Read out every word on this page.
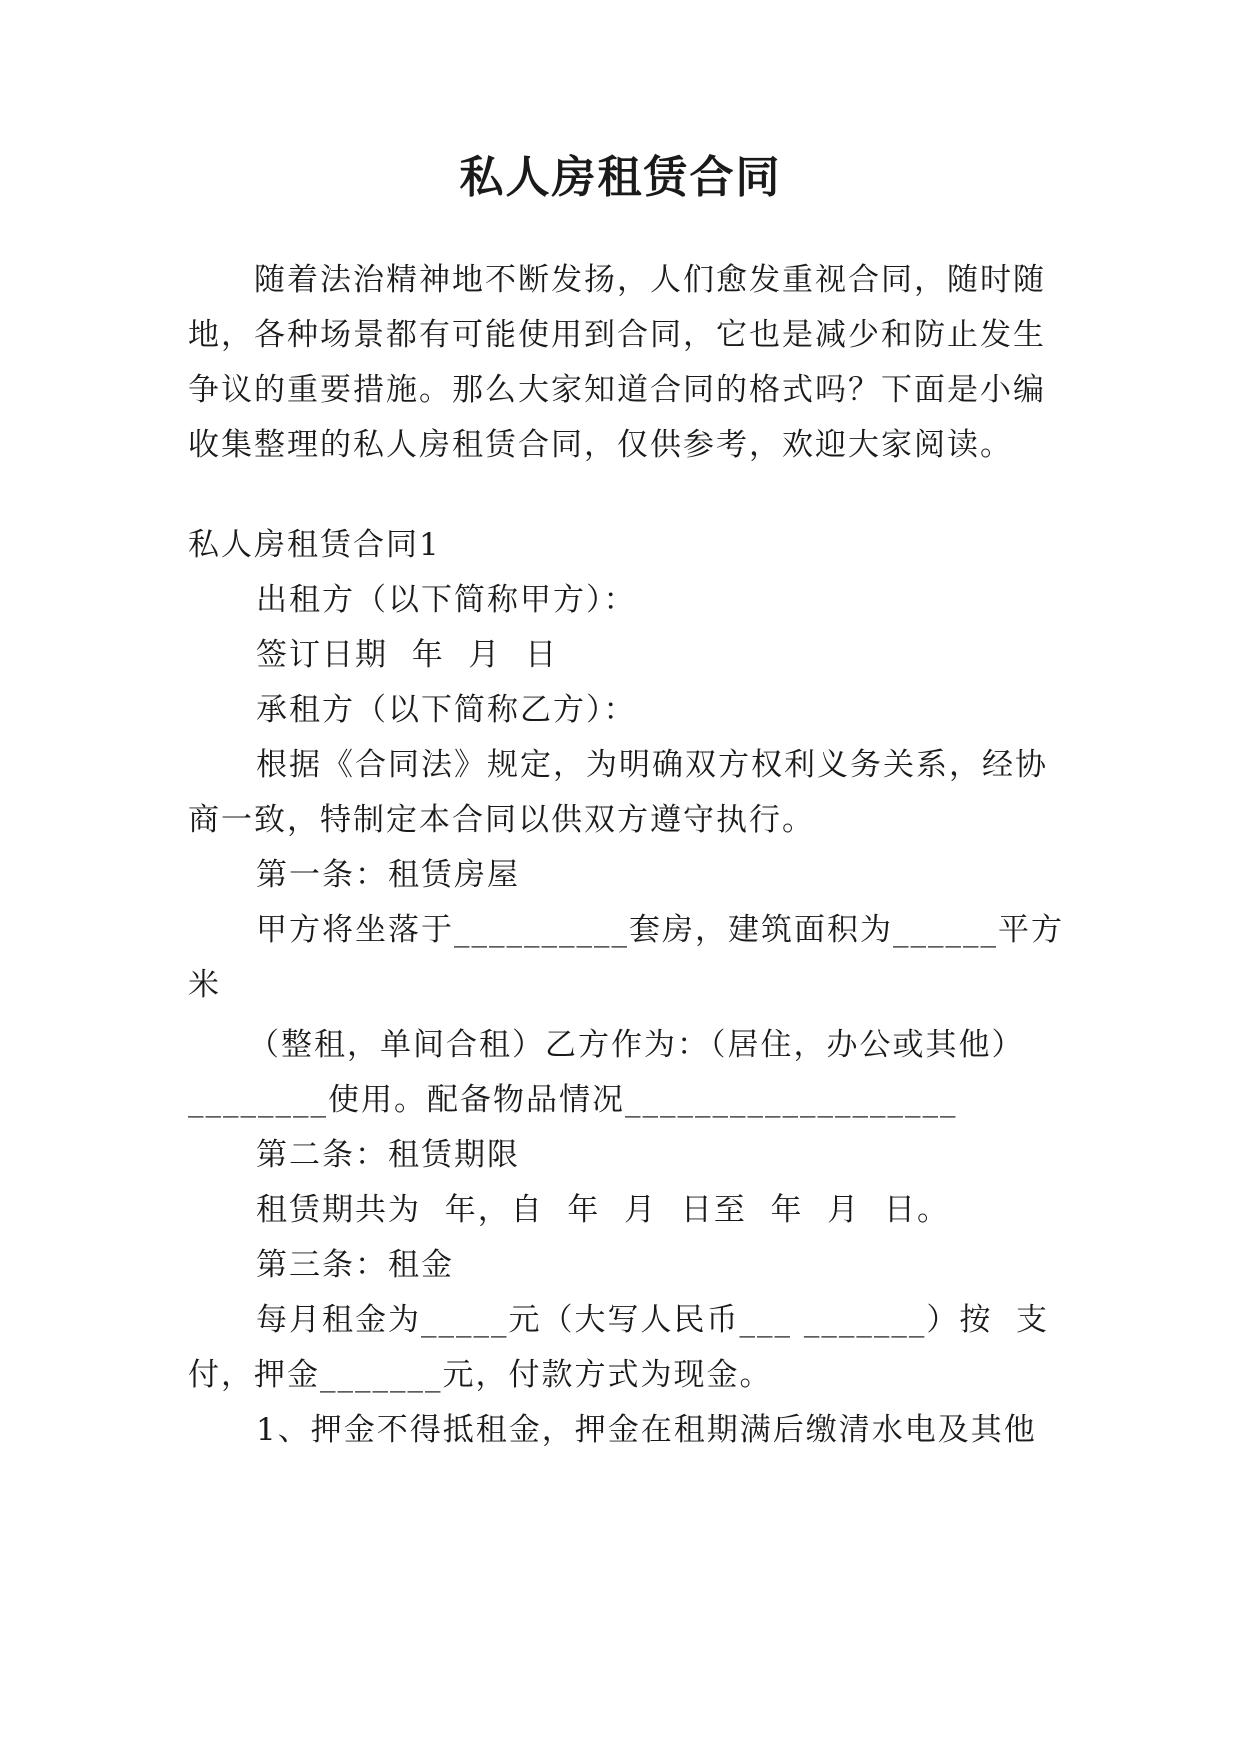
私人房租赁合同
　　随着法治精神地不断发扬，人们愈发重视合同，随时随
地，各种场景都有可能使用到合同，它也是减少和防止发生
争议的重要措施。那么大家知道合同的格式吗？下面是小编
收集整理的私人房租赁合同，仅供参考，欢迎大家阅读。
私人房租赁合同1
出租方（以下简称甲方）：
签订日期  年  月  日
承租方（以下简称乙方）：
根据《合同法》规定，为明确双方权利义务关系，经协
商一致，特制定本合同以供双方遵守执行。
第一条：租赁房屋
甲方将坐落于__________套房，建筑面积为______平方
米
（整租，单间合租）乙方作为：（居住，办公或其他）
________使用。配备物品情况___________________
第二条：租赁期限
租赁期共为  年，自  年  月  日至  年  月  日。
第三条：租金
每月租金为_____元（大写人民币___ _______）按  支
付，押金_______元，付款方式为现金。
1、押金不得抵租金，押金在租期满后缴清水电及其他
